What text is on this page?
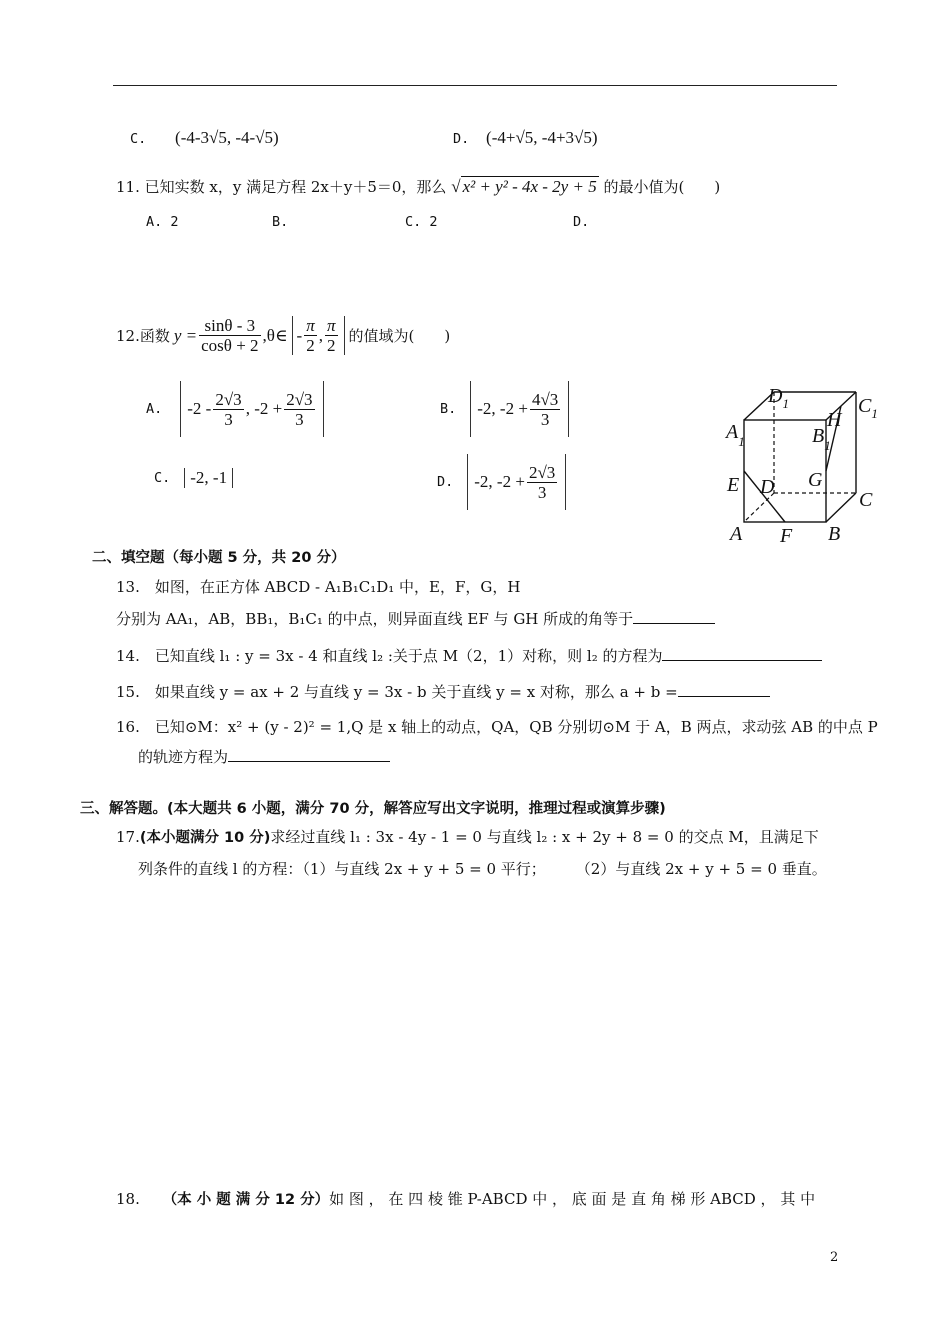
C. (-4-3√5, -4-√5)	D. (-4+√5, -4+3√5)
11. 已知实数 x，y 满足方程 2x＋y＋5＝0，那么 √ x² + y² - 4x - 2y + 5 的最小值为(　　)
A. 2	B.	C. 2	D.
12.函数 $y = \frac{\sin\theta - 3}{\cos\theta + 2}$ ,θ∈ - $\frac{\pi}{2}$ , $\frac{\pi}{2}$ 的值域为(　　)
A. $-2 - \frac{2√3}{3}$ , $-2 + \frac{2√3}{3}$	B. -2, $-2 + \frac{4√3}{3}$
C.	-2, -1	D. -2, $-2 + \frac{2√3}{3}$
$D_1$	$C_1$
$A_1$	$B_1$
H
G
E D
C
A F B
二、填空题（每小题 5 分，共 20 分）
13.　如图，在正方体 ABCD - A₁B₁C₁D₁ 中，E，F，G，H
分别为 AA₁，AB，BB₁，B₁C₁ 的中点，则异面直线 EF 与 GH 所成的角等于
14.　已知直线 l₁ : y = 3x - 4 和直线 l₂ :关于点 M（2，1）对称，则 l₂ 的方程为
15.　如果直线 y = ax + 2 与直线 y = 3x - b 关于直线 y = x 对称，那么 a + b =
16.　已知⊙M：x² + (y - 2)² = 1,Q 是 x 轴上的动点，QA，QB 分别切⊙M 于 A，B 两点，求动弦 AB 的中点 P
的轨迹方程为
三、解答题。(本大题共 6 小题，满分 70 分，解答应写出文字说明，推理过程或演算步骤)
17.(本小题满分 10 分)求经过直线 l₁ : 3x - 4y - 1 = 0 与直线 l₂ : x + 2y + 8 = 0 的交点 M，且满足下
列条件的直线 l 的方程：（1）与直线 2x + y + 5 = 0 平行；　　　（2）与直线 2x + y + 5 = 0 垂直。
18. （本 小 题 满 分 12 分）如 图 ， 在 四 棱 锥 P-ABCD 中 ， 底 面 是 直 角 梯 形 ABCD ， 其 中
2
